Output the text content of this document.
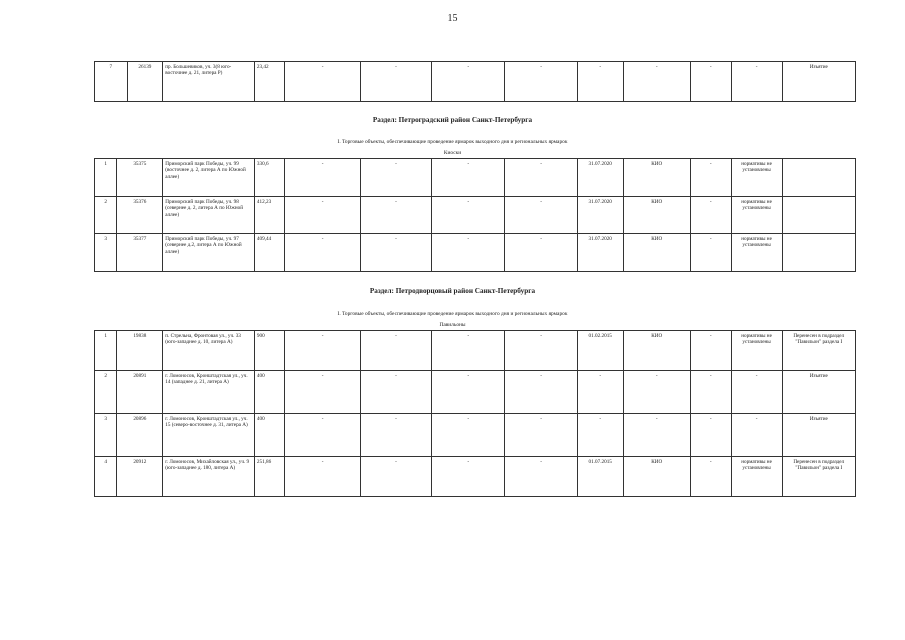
15
7	26139	пр. Большевиков, уч. 3(8 юго-восточнее д. 21, литера Р)	23,42	-	-	-	-	-	-	-	-	Изъятие
Раздел: Петроградский район Санкт-Петербурга
I. Торговые объекты, обеспечивающие проведение ярмарок выходного дня и региональных ярмарок
Киоски
1	35375	Приморский парк Победы, уч. 99 (восточнее д. 2, литера А по Южной аллее)	330,6	-	-	-	-	31.07.2020	КИО	-	нормативы не установлены	
2	35376	Приморский парк Победы, уч. 98 (севернее д. 2, литера А по Южной аллее)	412,23	-	-	-	-	31.07.2020	КИО	-	нормативы не установлены	
3	35377	Приморский парк Победы, уч. 97 (севернее д.2, литера А по Южной аллее)	409,44	-	-	-	-	31.07.2020	КИО	-	нормативы не установлены	
Раздел: Петродворцовый район Санкт-Петербурга
I. Торговые объекты, обеспечивающие проведение ярмарок выходного дня и региональных ярмарок
Павильоны
1	19838	п. Стрельна, Фронтовая ул., уч. 33 (юго-западнее д. 10, литера А)	900	-	-	-	-	01.02.2015	КИО	-	нормативы не установлены	Перенесен в подраздел "Павильон" раздела I
2	20891	г. Ломоносов, Кронштадтская ул., уч. 14 (западнее д. 21, литера А)	400	-	-	-	-	-	-	-	-	Изъятие
3	20896	г. Ломоносов, Кронштадтская ул., уч. 15 (северо-восточнее д. 31, литера А)	400	-	-	-	-	-	-	-	-	Изъятие
4	20912	г. Ломоносов, Михайловская ул., уч. 9 (юго-западнее д. 180, литера А)	251,86	-	-	-	-	01.07.2015	КИО	-	нормативы не установлены	Перенесен в подраздел "Павильон" раздела I
